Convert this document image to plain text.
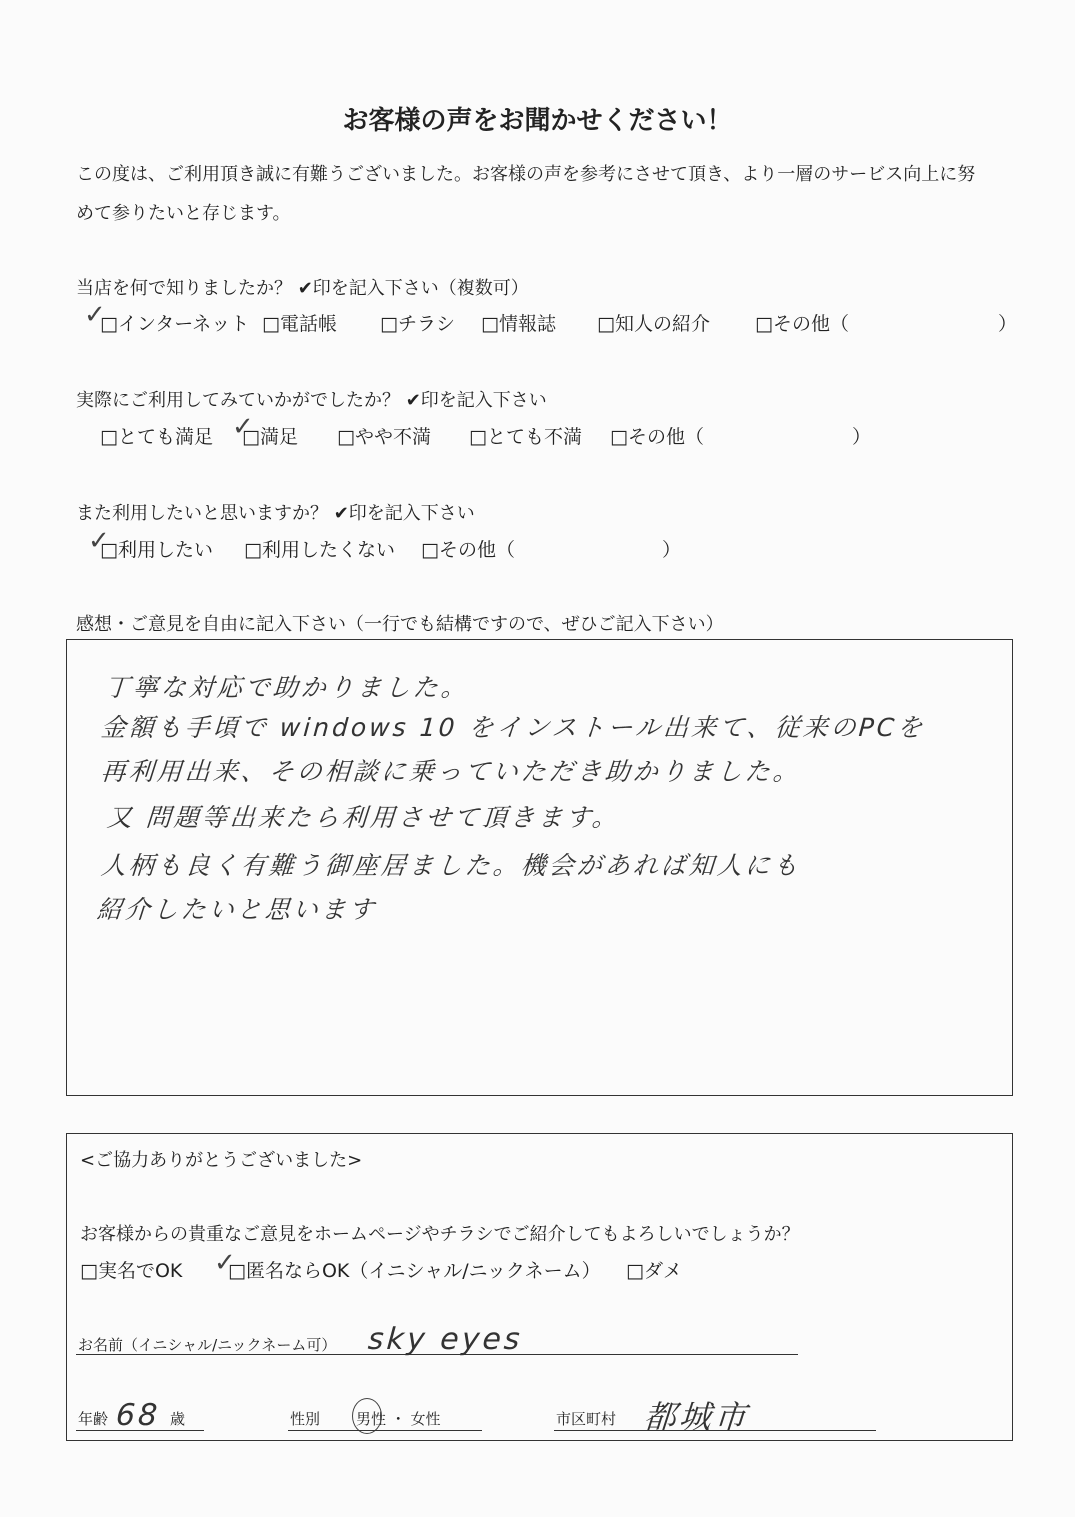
お客様の声をお聞かせください！
この度は、ご利用頂き誠に有難うございました。お客様の声を参考にさせて頂き、より一層のサービス向上に努
めて参りたいと存じます。
当店を何で知りましたか？ ✔印を記入下さい（複数可）
□インターネット □電話帳 □チラシ □情報誌 □知人の紹介 □その他（	）
✓
実際にご利用してみていかがでしたか？ ✔印を記入下さい
□とても満足 □満足 □やや不満 □とても不満 □その他（	）
✓
また利用したいと思いますか？ ✔印を記入下さい
□利用したい □利用したくない □その他（	）
✓
感想・ご意見を自由に記入下さい（一行でも結構ですので、ぜひご記入下さい）
丁寧な対応で助かりました。
金額も手頃で windows 10 をインストール出来て、従来のPCを
再利用出来、その相談に乗っていただき助かりました。
又 問題等出来たら利用させて頂きます。
人柄も良く有難う御座居ました。機会があれば知人にも
紹介したいと思います
<ご協力ありがとうございました>
お客様からの貴重なご意見をホームページやチラシでご紹介してもよろしいでしょうか？
□実名でOK □匿名ならOK（イニシャル/ニックネーム） □ダメ
✓
お名前（イニシャル/ニックネーム可） sky eyes
年齢 68 歳	性別 男性 ・ 女性	市区町村 都城市
